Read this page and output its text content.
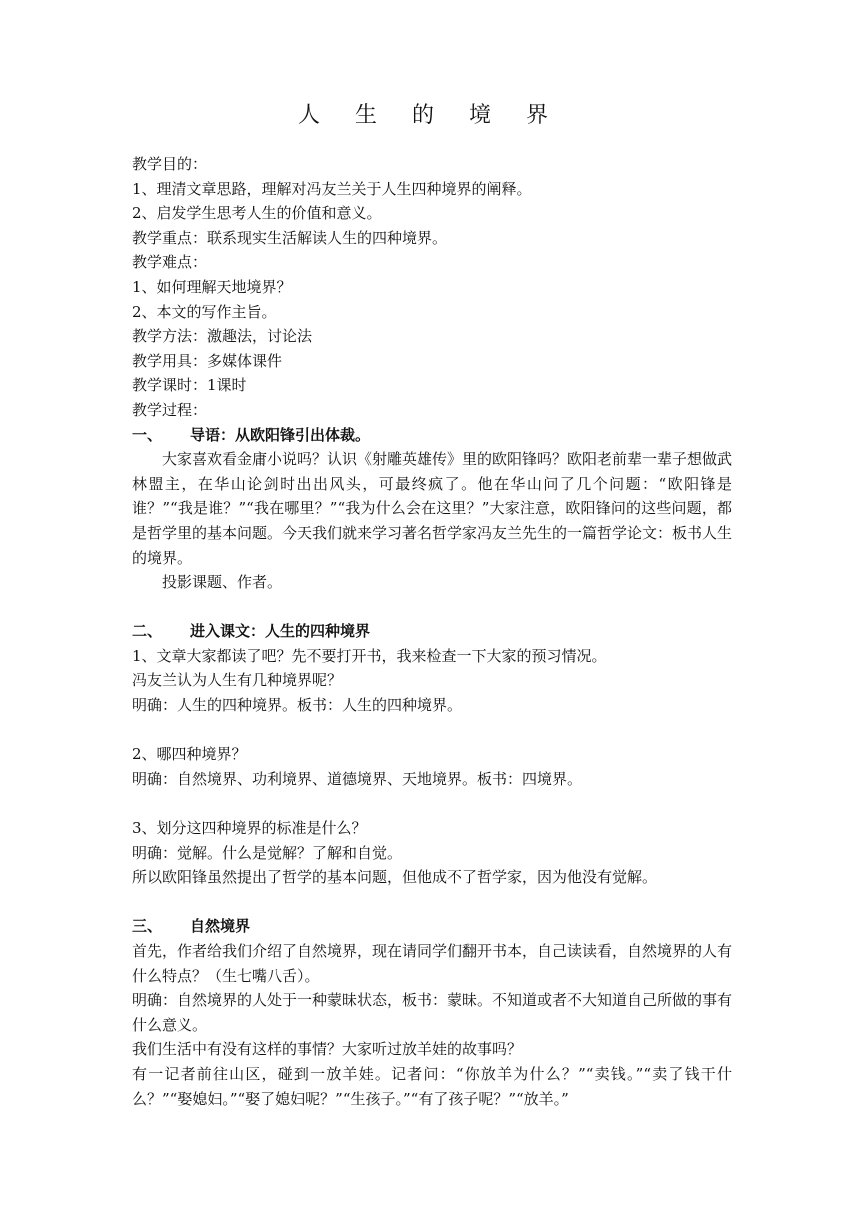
人 生 的 境 界

教学目的：

1、理清文章思路，理解对冯友兰关于人生四种境界的阐释。

2、启发学生思考人生的价值和意义。

教学重点：联系现实生活解读人生的四种境界。

教学难点：

1、如何理解天地境界？

2、本文的写作主旨。

教学方法：激趣法，讨论法

教学用具：多媒体课件

教学课时：1课时

教学过程：

一、 导语：从欧阳锋引出体裁。

大家喜欢看金庸小说吗？认识《射雕英雄传》里的欧阳锋吗？欧阳老前辈一辈子想做武林盟主，在华山论剑时出出风头，可最终疯了。他在华山问了几个问题：“欧阳锋是谁？”“我是谁？”“我在哪里？”“我为什么会在这里？”大家注意，欧阳锋问的这些问题，都是哲学里的基本问题。今天我们就来学习著名哲学家冯友兰先生的一篇哲学论文：板书人生的境界。

投影课题、作者。

二、 进入课文：人生的四种境界

1、文章大家都读了吧？先不要打开书，我来检查一下大家的预习情况。

冯友兰认为人生有几种境界呢？

明确：人生的四种境界。板书：人生的四种境界。

2、哪四种境界？

明确：自然境界、功利境界、道德境界、天地境界。板书：四境界。

3、划分这四种境界的标准是什么？

明确：觉解。什么是觉解？了解和自觉。

所以欧阳锋虽然提出了哲学的基本问题，但他成不了哲学家，因为他没有觉解。

三、 自然境界

首先，作者给我们介绍了自然境界，现在请同学们翻开书本，自己读读看，自然境界的人有什么特点？（生七嘴八舌）。

明确：自然境界的人处于一种蒙昧状态，板书：蒙昧。不知道或者不大知道自己所做的事有什么意义。

我们生活中有没有这样的事情？大家听过放羊娃的故事吗？

有一记者前往山区，碰到一放羊娃。记者问：“你放羊为什么？”“卖钱。”“卖了钱干什么？”“娶媳妇。”“娶了媳妇呢？”“生孩子。”“有了孩子呢？”“放羊。”
